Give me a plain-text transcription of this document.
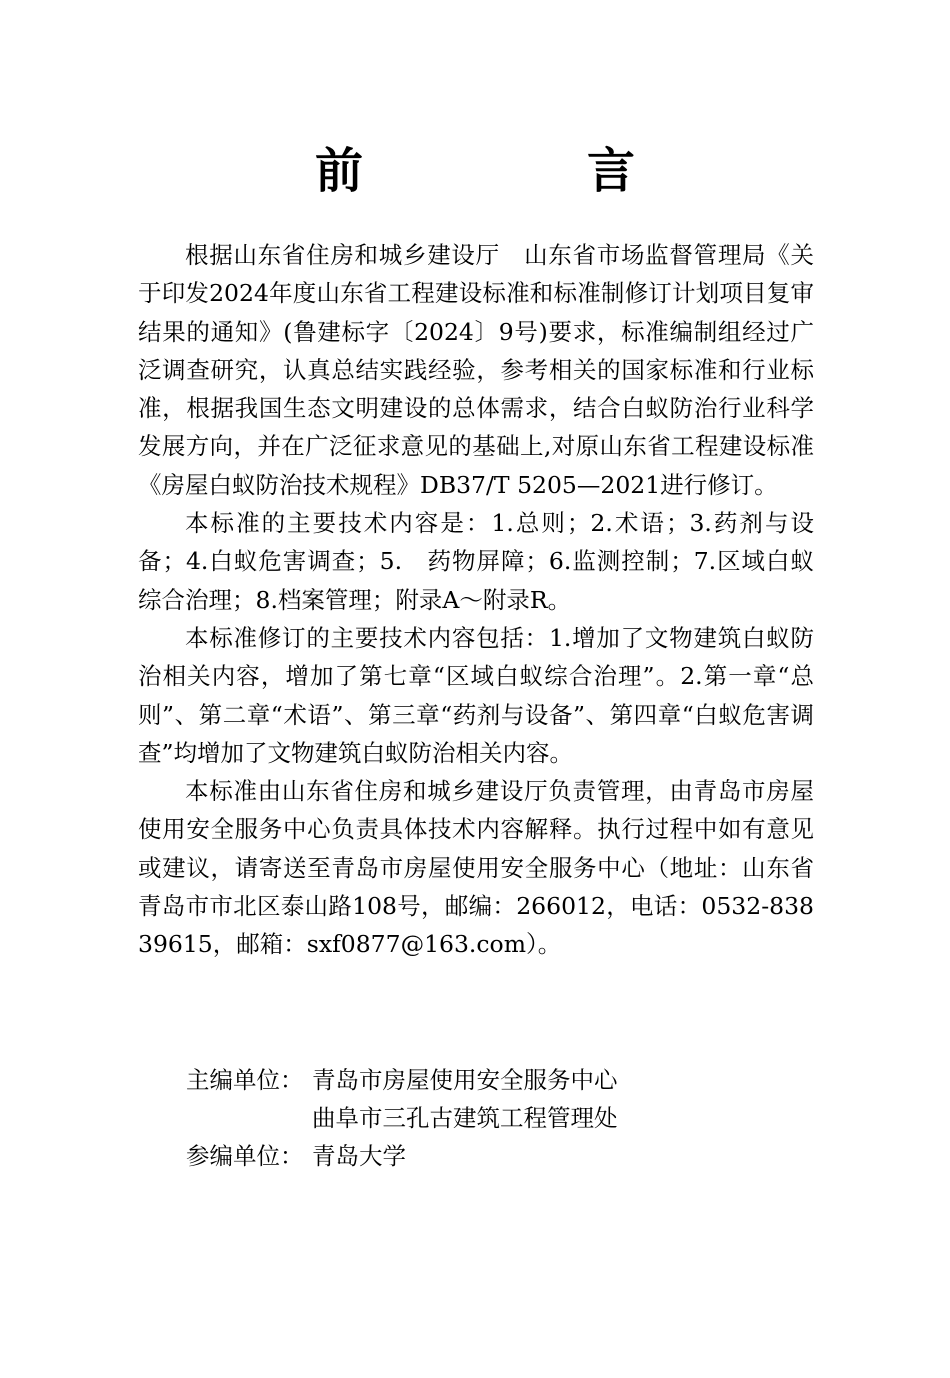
前　言

根据山东省住房和城乡建设厅　山东省市场监督管理局《关于印发2024年度山东省工程建设标准和标准制修订计划项目复审结果的通知》(鲁建标字〔2024〕9号)要求，标准编制组经过广泛调查研究，认真总结实践经验，参考相关的国家标准和行业标准，根据我国生态文明建设的总体需求，结合白蚁防治行业科学发展方向，并在广泛征求意见的基础上,对原山东省工程建设标准《房屋白蚁防治技术规程》DB37/T 5205—2021进行修订。

本标准的主要技术内容是：1.总则；2.术语；3.药剂与设备；4.白蚁危害调查；5.　药物屏障；6.监测控制；7.区域白蚁综合治理；8.档案管理；附录A～附录R。

本标准修订的主要技术内容包括：1.增加了文物建筑白蚁防治相关内容，增加了第七章“区域白蚁综合治理”。2.第一章“总则”、第二章“术语”、第三章“药剂与设备”、第四章“白蚁危害调查”均增加了文物建筑白蚁防治相关内容。

本标准由山东省住房和城乡建设厅负责管理，由青岛市房屋使用安全服务中心负责具体技术内容解释。执行过程中如有意见或建议，请寄送至青岛市房屋使用安全服务中心（地址：山东省青岛市市北区泰山路108号，邮编：266012，电话：0532-83839615，邮箱：sxf0877@163.com）。

主编单位： 青岛市房屋使用安全服务中心
曲阜市三孔古建筑工程管理处
参编单位： 青岛大学
